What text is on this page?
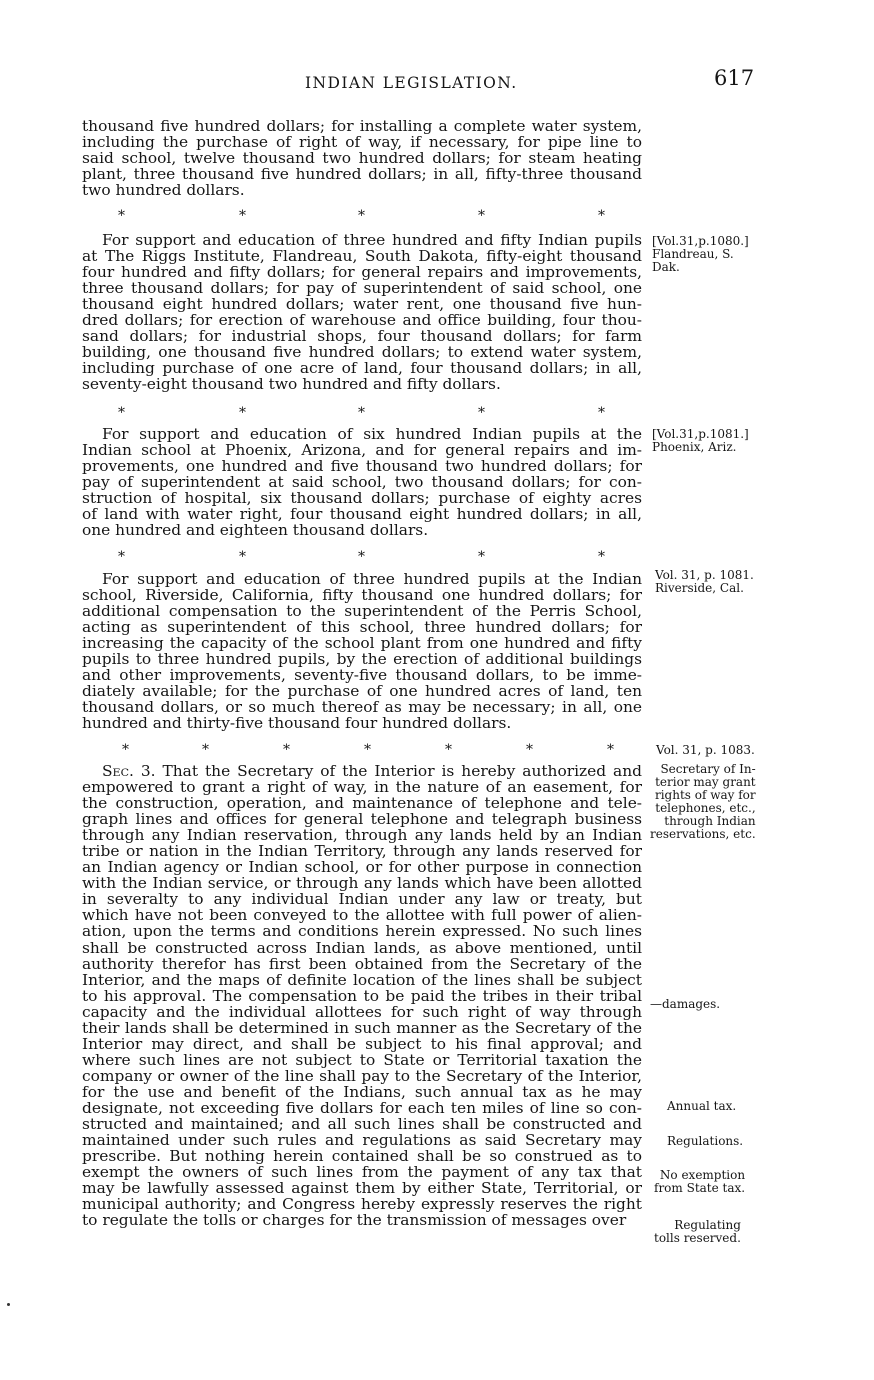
INDIAN LEGISLATION.	617
thousand five hundred dollars; for installing a complete water system,
including the purchase of right of way, if necessary, for pipe line to
said school, twelve thousand two hundred dollars; for steam heating
plant, three thousand five hundred dollars; in all, fifty-three thousand
two hundred dollars.
*	*	*	*	*
For support and education of three hundred and fifty Indian pupils
at The Riggs Institute, Flandreau, South Dakota, fifty-eight thousand
four hundred and fifty dollars; for general repairs and improvements,
three thousand dollars; for pay of superintendent of said school, one
thousand eight hundred dollars; water rent, one thousand five hun-
dred dollars; for erection of warehouse and office building, four thou-
sand dollars; for industrial shops, four thousand dollars; for farm
building, one thousand five hundred dollars; to extend water system,
including purchase of one acre of land, four thousand dollars; in all,
seventy-eight thousand two hundred and fifty dollars.
*	*	*	*	*
For support and education of six hundred Indian pupils at the
Indian school at Phoenix, Arizona, and for general repairs and im-
provements, one hundred and five thousand two hundred dollars; for
pay of superintendent at said school, two thousand dollars; for con-
struction of hospital, six thousand dollars; purchase of eighty acres
of land with water right, four thousand eight hundred dollars; in all,
one hundred and eighteen thousand dollars.
*	*	*	*	*
For support and education of three hundred pupils at the Indian
school, Riverside, California, fifty thousand one hundred dollars; for
additional compensation to the superintendent of the Perris School,
acting as superintendent of this school, three hundred dollars; for
increasing the capacity of the school plant from one hundred and fifty
pupils to three hundred pupils, by the erection of additional buildings
and other improvements, seventy-five thousand dollars, to be imme-
diately available; for the purchase of one hundred acres of land, ten
thousand dollars, or so much thereof as may be necessary; in all, one
hundred and thirty-five thousand four hundred dollars.
*	*	*	*	*	*	*
Sec. 3. That the Secretary of the Interior is hereby authorized and
empowered to grant a right of way, in the nature of an easement, for
the construction, operation, and maintenance of telephone and tele-
graph lines and offices for general telephone and telegraph business
through any Indian reservation, through any lands held by an Indian
tribe or nation in the Indian Territory, through any lands reserved for
an Indian agency or Indian school, or for other purpose in connection
with the Indian service, or through any lands which have been allotted
in severalty to any individual Indian under any law or treaty, but
which have not been conveyed to the allottee with full power of alien-
ation, upon the terms and conditions herein expressed. No such lines
shall be constructed across Indian lands, as above mentioned, until
authority therefor has first been obtained from the Secretary of the
Interior, and the maps of definite location of the lines shall be subject
to his approval. The compensation to be paid the tribes in their tribal
capacity and the individual allottees for such right of way through
their lands shall be determined in such manner as the Secretary of the
Interior may direct, and shall be subject to his final approval; and
where such lines are not subject to State or Territorial taxation the
company or owner of the line shall pay to the Secretary of the Interior,
for the use and benefit of the Indians, such annual tax as he may
designate, not exceeding five dollars for each ten miles of line so con-
structed and maintained; and all such lines shall be constructed and
maintained under such rules and regulations as said Secretary may
prescribe. But nothing herein contained shall be so construed as to
exempt the owners of such lines from the payment of any tax that
may be lawfully assessed against them by either State, Territorial, or
municipal authority; and Congress hereby expressly reserves the right
to regulate the tolls or charges for the transmission of messages over
[Vol.31,p.1080.]
Flandreau, S.
Dak.
[Vol.31,p.1081.]
Phoenix, Ariz.
Vol. 31, p. 1081.
Riverside, Cal.
Vol. 31, p. 1083.
Secretary of In-
terior may grant
rights of way for
telephones, etc.,
through Indian
reservations, etc.
—damages.
Annual tax.
Regulations.
No exemption
from State tax.
Regulating
tolls reserved.
